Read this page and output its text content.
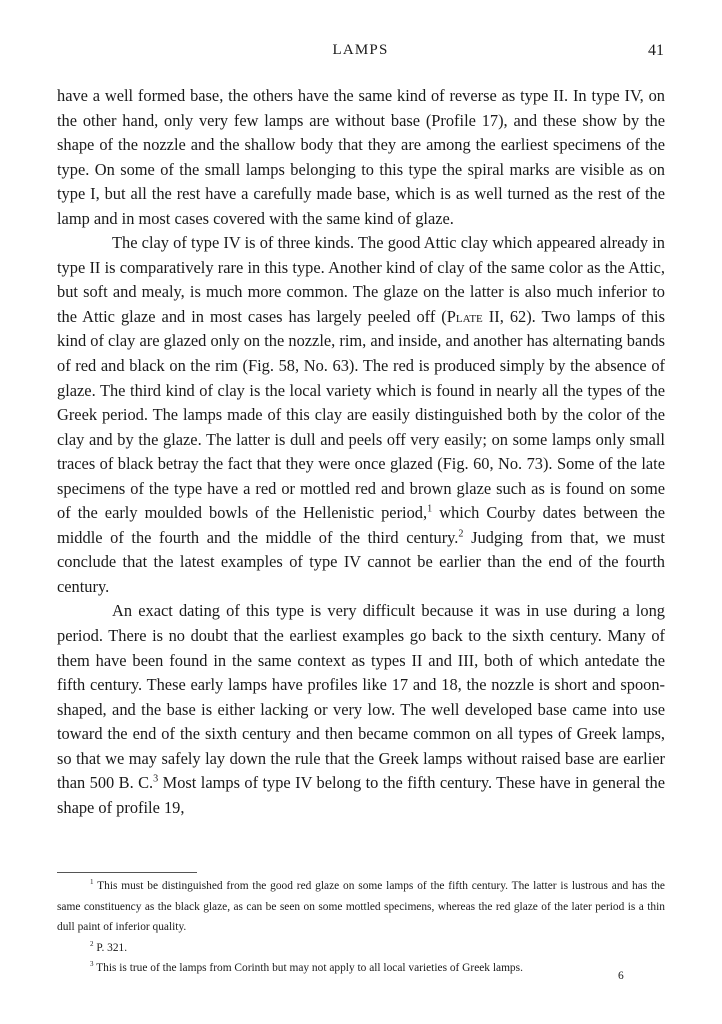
LAMPS	41

have a well formed base, the others have the same kind of reverse as type II. In type IV, on the other hand, only very few lamps are without base (Profile 17), and these show by the shape of the nozzle and the shallow body that they are among the earliest specimens of the type. On some of the small lamps belonging to this type the spiral marks are visible as on type I, but all the rest have a carefully made base, which is as well turned as the rest of the lamp and in most cases covered with the same kind of glaze.

The clay of type IV is of three kinds. The good Attic clay which appeared already in type II is comparatively rare in this type. Another kind of clay of the same color as the Attic, but soft and mealy, is much more common. The glaze on the latter is also much inferior to the Attic glaze and in most cases has largely peeled off (Plate II, 62). Two lamps of this kind of clay are glazed only on the nozzle, rim, and inside, and another has alternating bands of red and black on the rim (Fig. 58, No. 63). The red is produced simply by the absence of glaze. The third kind of clay is the local variety which is found in nearly all the types of the Greek period. The lamps made of this clay are easily distinguished both by the color of the clay and by the glaze. The latter is dull and peels off very easily; on some lamps only small traces of black betray the fact that they were once glazed (Fig. 60, No. 73). Some of the late specimens of the type have a red or mottled red and brown glaze such as is found on some of the early moulded bowls of the Hellenistic period,$^1$ which Courby dates between the middle of the fourth and the middle of the third century.$^2$ Judging from that, we must conclude that the latest examples of type IV cannot be earlier than the end of the fourth century.

An exact dating of this type is very difficult because it was in use during a long period. There is no doubt that the earliest examples go back to the sixth century. Many of them have been found in the same context as types II and III, both of which antedate the fifth century. These early lamps have profiles like 17 and 18, the nozzle is short and spoon-shaped, and the base is either lacking or very low. The well developed base came into use toward the end of the sixth century and then became common on all types of Greek lamps, so that we may safely lay down the rule that the Greek lamps without raised base are earlier than 500 B. C.$^3$ Most lamps of type IV belong to the fifth century. These have in general the shape of profile 19,

$^1$ This must be distinguished from the good red glaze on some lamps of the fifth century. The latter is lustrous and has the same constituency as the black glaze, as can be seen on some mottled specimens, whereas the red glaze of the later period is a thin dull paint of inferior quality.

$^2$ P. 321.

$^3$ This is true of the lamps from Corinth but may not apply to all local varieties of Greek lamps.

6
